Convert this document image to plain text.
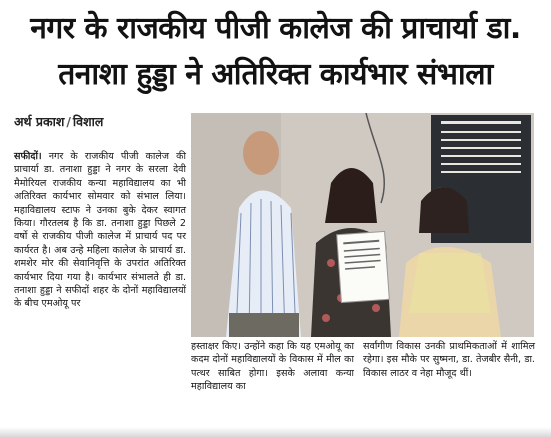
नगर के राजकीय पीजी कालेज की प्राचार्या डा.
तनाशा हुड्डा ने अतिरिक्त कार्यभार संभाला
अर्थ प्रकाश / विशाल
सफीदों। नगर के राजकीय पीजी कालेज की प्राचार्या डा. तनाशा हुड्डा ने नगर के सरला देवी मैमोरियल राजकीय कन्या महाविद्यालय का भी अतिरिक्त कार्यभार सोमवार को संभाल लिया। महाविद्यालय स्टाफ ने उनका बुके देकर स्वागत किया। गौरतलब है कि डा. तनाशा हुड्डा पिछले 2 वर्षो से राजकीय पीजी कालेज में प्राचार्य पद पर कार्यरत है। अब उन्हे महिला कालेज के प्राचार्य डा. शमशेर मोर की सेवानिवृत्ति के उपरांत अतिरिक्त कार्यभार दिया गया है। कार्यभार संभालते ही डा. तनाशा हुड्डा ने सफीदों शहर के दोनों महाविद्यालयों के बीच एमओयू पर
हस्ताक्षर किए। उन्होंने कहा कि यह एमओयू का कदम दोनों महाविद्यालयों के विकास में मील का पत्थर साबित होगा। इसके अलावा कन्या महाविद्यालय का
सर्वांगीण विकास उनकी प्राथमिकताओं में शामिल रहेगा। इस मौके पर सुष्मना, डा. तेजबीर सैनी, डा. विकास लाठर व नेहा मौजूद थीं।
